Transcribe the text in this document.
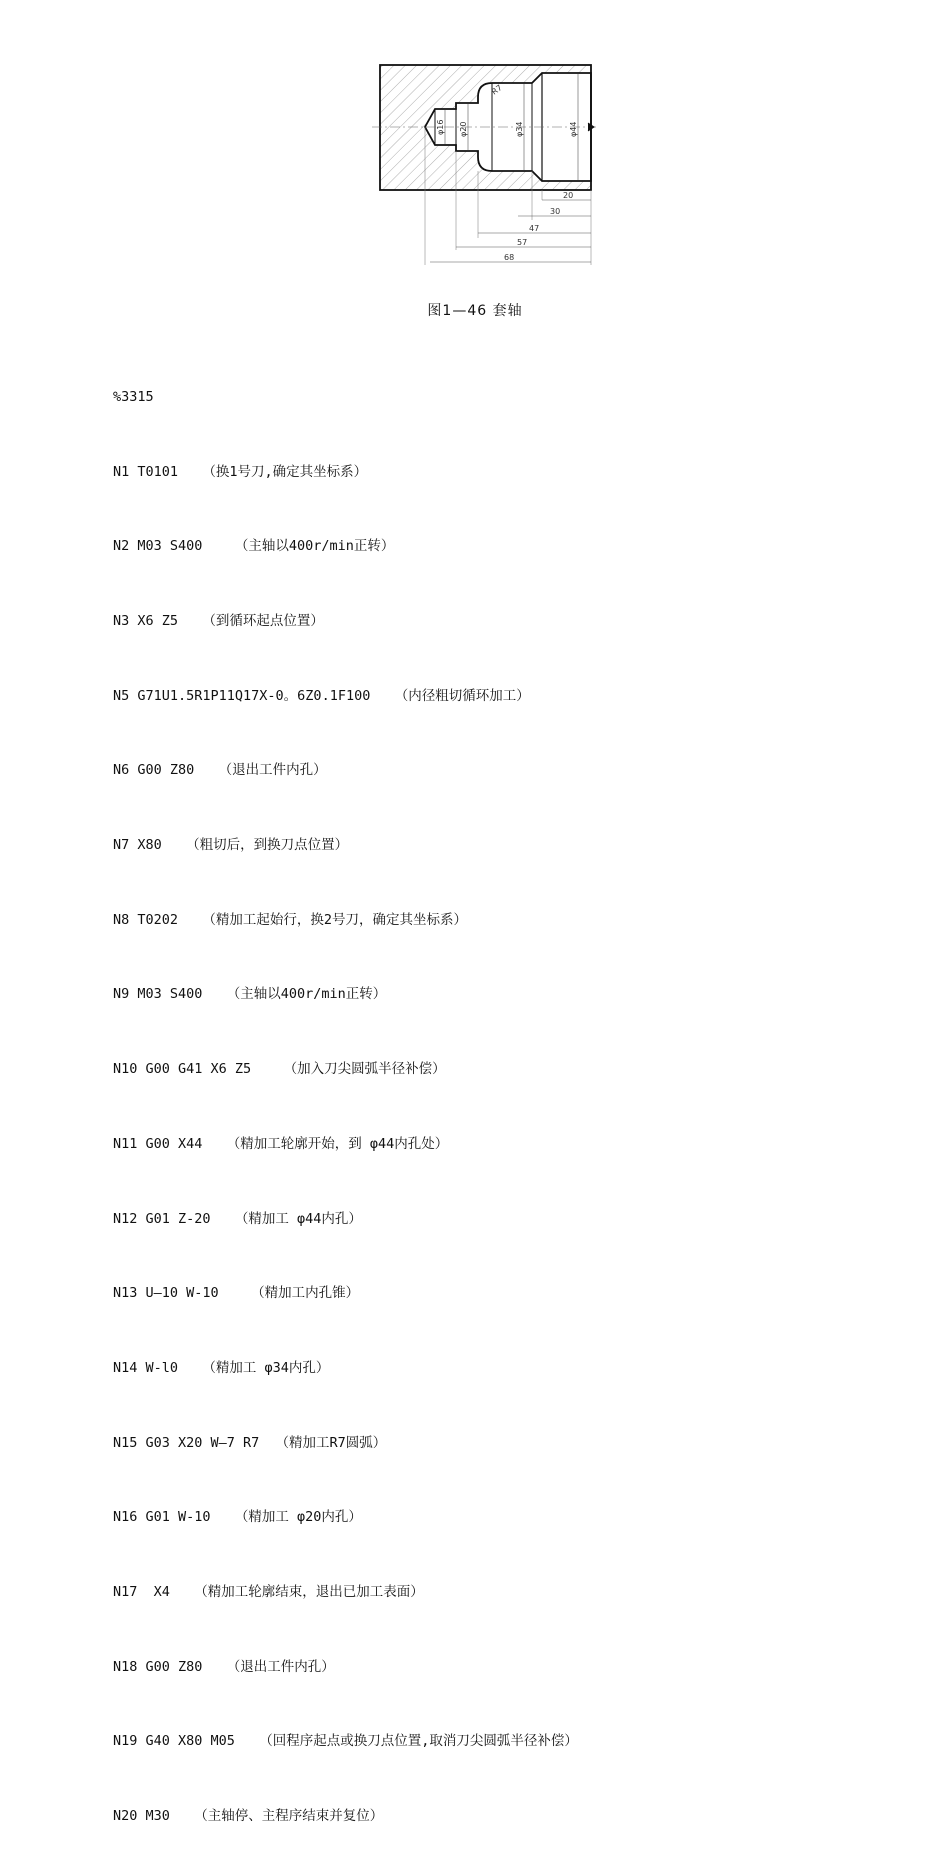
φ16 φ20	φ34	φ44
R7
20
30
47
57
68
图1—46 套轴

%3315

N1 T0101   （换1号刀,确定其坐标系）

N2 M03 S400    （主轴以400r/min正转）

N3 X6 Z5   （到循环起点位置）

N5 G71U1.5R1P11Q17X-0。6Z0.1F100   （内径粗切循环加工）

N6 G00 Z80   （退出工件内孔）

N7 X80   （粗切后，到换刀点位置）

N8 T0202   （精加工起始行，换2号刀，确定其坐标系）

N9 M03 S400   （主轴以400r/min正转）

N10 G00 G41 X6 Z5    （加入刀尖圆弧半径补偿）

N11 G00 X44   （精加工轮廓开始，到 φ44内孔处）

N12 G01 Z-20   （精加工 φ44内孔）

N13 U—10 W-10    （精加工内孔锥）

N14 W-l0   （精加工 φ34内孔）

N15 G03 X20 W—7 R7  （精加工R7圆弧）

N16 G01 W-10   （精加工 φ20内孔）

N17  X4   （精加工轮廓结束，退出已加工表面）

N18 G00 Z80   （退出工件内孔）

N19 G40 X80 M05   （回程序起点或换刀点位置,取消刀尖圆弧半径补偿）

N20 M30   （主轴停、主程序结束并复位）
